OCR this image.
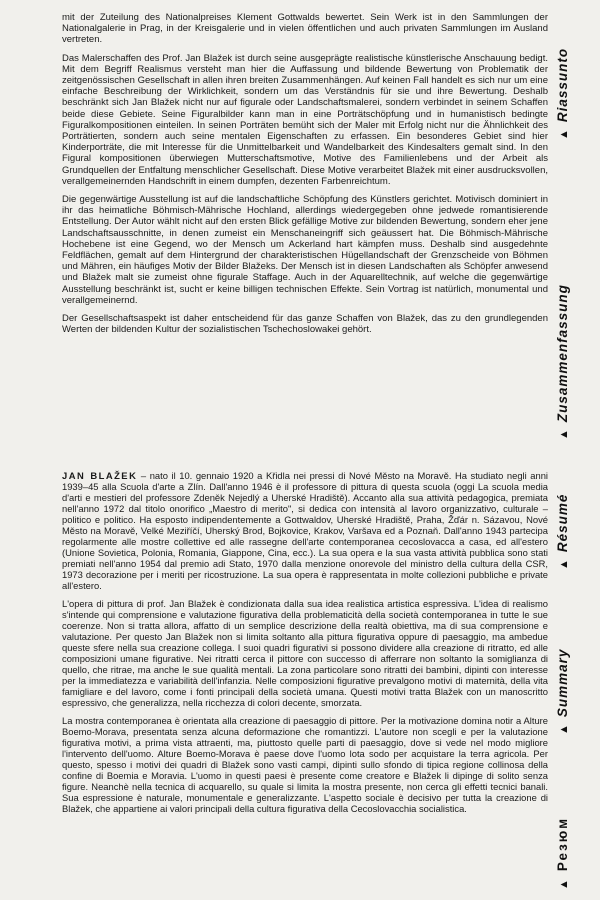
mit der Zuteilung des Nationalpreises Klement Gottwalds bewertet. Sein Werk ist in den Sammlungen der Nationalgalerie in Prag, in der Kreisgalerie und in vielen öffentlichen und auch privaten Sammlungen im Ausland vertreten.

Das Malerschaffen des Prof. Jan Blažek ist durch seine ausgeprägte realistische künstlerische Anschauung bedigt. Mit dem Begriff Realismus versteht man hier die Auffassung und bildende Bewertung von Problematik der zeitgenössischen Gesellschaft in allen ihren breiten Zusammenhängen. Auf keinen Fall handelt es sich nur um eine einfache Beschreibung der Wirklichkeit, sondern um das Verständnis für sie und ihre Bewertung. Deshalb beschränkt sich Jan Blažek nicht nur auf figurale oder Landschaftsmalerei, sondern verbindet in seinem Schaffen beide diese Gebiete. Seine Figuralbilder kann man in eine Porträtschöpfung und in humanistisch bedingte Figuralkompositionen einteilen. In seinen Porträten bemüht sich der Maler mit Erfolg nicht nur die Ähnlichkeit des Porträtierten, sondern auch seine mentalen Eigenschaften zu erfassen. Ein besonderes Gebiet sind hier Kinderporträte, die mit Interesse für die Unmittelbarkeit und Wandelbarkeit des Kindesalters gemalt sind. In den Figural kompositionen überwiegen Mutterschaftsmotive, Motive des Familienlebens und der Arbeit als Grundquellen der Entfaltung menschlicher Gesellschaft. Diese Motive verarbeitet Blažek mit einer ausdrucksvollen, verallgemeinernden Handschrift in einem dumpfen, dezenten Farbenreichtum.

Die gegenwärtige Ausstellung ist auf die landschaftliche Schöpfung des Künstlers gerichtet. Motivisch dominiert in ihr das heimatliche Böhmisch-Mährische Hochland, allerdings wiedergegeben ohne jedwede romantisierende Entstellung. Der Autor wählt nicht auf den ersten Blick gefällige Motive zur bildenden Bewertung, sondern eher jene Landschaftsausschnitte, in denen zumeist ein Menschaneingriff sich geäussert hat. Die Böhmisch-Mährische Hochebene ist eine Gegend, wo der Mensch um Ackerland hart kämpfen muss. Deshalb sind ausgedehnte Feldflächen, gemalt auf dem Hintergrund der charakteristischen Hügellandschaft der Grenzscheide von Böhmen und Mähren, ein häufiges Motiv der Bilder Blažeks. Der Mensch ist in diesen Landschaften als Schöpfer anwesend und Blažek malt sie zumeist ohne figurale Staffage. Auch in der Aquarelltechnik, auf welche die gegenwärtige Ausstellung beschränkt ist, sucht er keine billigen technischen Effekte. Sein Vortrag ist natürlich, monumental und verallgemeinernd.

Der Gesellschaftsaspekt ist daher entscheidend für das ganze Schaffen von Blažek, das zu den grundlegenden Werten der bildenden Kultur der sozialistischen Tschechoslowakei gehört.

JAN BLAŽEK – nato il 10. gennaio 1920 a Křidla nei pressi di Nové Město na Moravě. Ha studiato negli anni 1939–45 alla Scuola d'arte a Zlín. Dall'anno 1946 è il professore di pittura di questa scuola (oggi La scuola media d'arti e mestieri del professore Zdeněk Nejedlý a Uherské Hradiště). Accanto alla sua attività pedagogica, premiata nell'anno 1972 dal titolo onorifico „Maestro di merito", si dedica con intensità al lavoro organizzativo, culturale – politico e politico. Ha esposto indipendentemente a Gottwaldov, Uherské Hradiště, Praha, Žďár n. Sázavou, Nové Město na Moravě, Velké Meziříčí, Uherský Brod, Bojkovice, Krakov, Varšava ed a Poznaň. Dall'anno 1943 partecipa regolarmente alle mostre collettive ed alle rassegne dell'arte contemporanea cecoslovacca a casa, ed all'estero (Unione Sovietica, Polonia, Romania, Giappone, Cina, ecc.). La sua opera e la sua vasta attività pubblica sono stati premiati nell'anno 1954 dal premio adi Stato, 1970 dalla menzione onorevole del ministro della cultura della CSR, 1973 decorazione per i meriti per ricostruzione. La sua opera è rappresentata in molte collezioni pubbliche e private all'estero.

L'opera di pittura di prof. Jan Blažek è condizionata dalla sua idea realistica artistica espressiva. L'idea di realismo s'intende qui comprensione e valutazione figurativa della problematicità della società contemporanea in tutte le sue coerenze. Non si tratta allora, affatto di un semplice descrizione della realtà obiettiva, ma di sua comprensione e valutazione. Per questo Jan Blažek non si limita soltanto alla pittura figurativa oppure di paesaggio, ma ambedue queste sfere nella sua creazione collega. I suoi quadri figurativi si possono dividere alla creazione di ritratto, ed alle composizioni umane figurative. Nei ritratti cerca il pittore con successo di afferrare non soltanto la somiglianza di quello, che ritrae, ma anche le sue qualità mentali. La zona particolare sono ritratti dei bambini, dipinti con interesse per la immediatezza e variabilità dell'infanzia. Nelle composizioni figurative prevalgono motivi di maternità, della vita famigliare e del lavoro, come i fonti principali della società umana. Questi motivi tratta Blažek con un manoscritto espressivo, che generalizza, nella ricchezza di colori decente, smorzata.

La mostra contemporanea è orientata alla creazione di paesaggio di pittore. Per la motivazione domina notir a Alture Boemo-Morava, presentata senza alcuna deformazione che romantizzi. L'autore non scegli e per la valutazione figurativa motivi, a prima vista attraenti, ma, piuttosto quelle parti di paesaggio, dove si vede nel modo migliore l'intervento dell'uomo. Alture Boemo-Morava è paese dove l'uomo lota sodo per acquistare la terra agricola. Per questo, spesso i motivi dei quadri di Blažek sono vasti campi, dipinti sullo sfondo di tipica regione collinosa della confine di Boemia e Moravia. L'uomo in questi paesi è presente come creatore e Blažek li dipinge di solito senza figure. Neanchè nella tecnica di acquarello, su quale si limita la mostra presente, non cerca gli effetti tecnici banali. Sua espressione è naturale, monumentale e generalizzante. L'aspetto sociale è decisivo per tutta la creazione di Blažek, che appartiene ai valori principali della cultura figurativa della Cecoslovacchia socialistica.

▲Riassunto
▲Zusammenfassung
▲Résumé
▲Summary
▲Резюм
